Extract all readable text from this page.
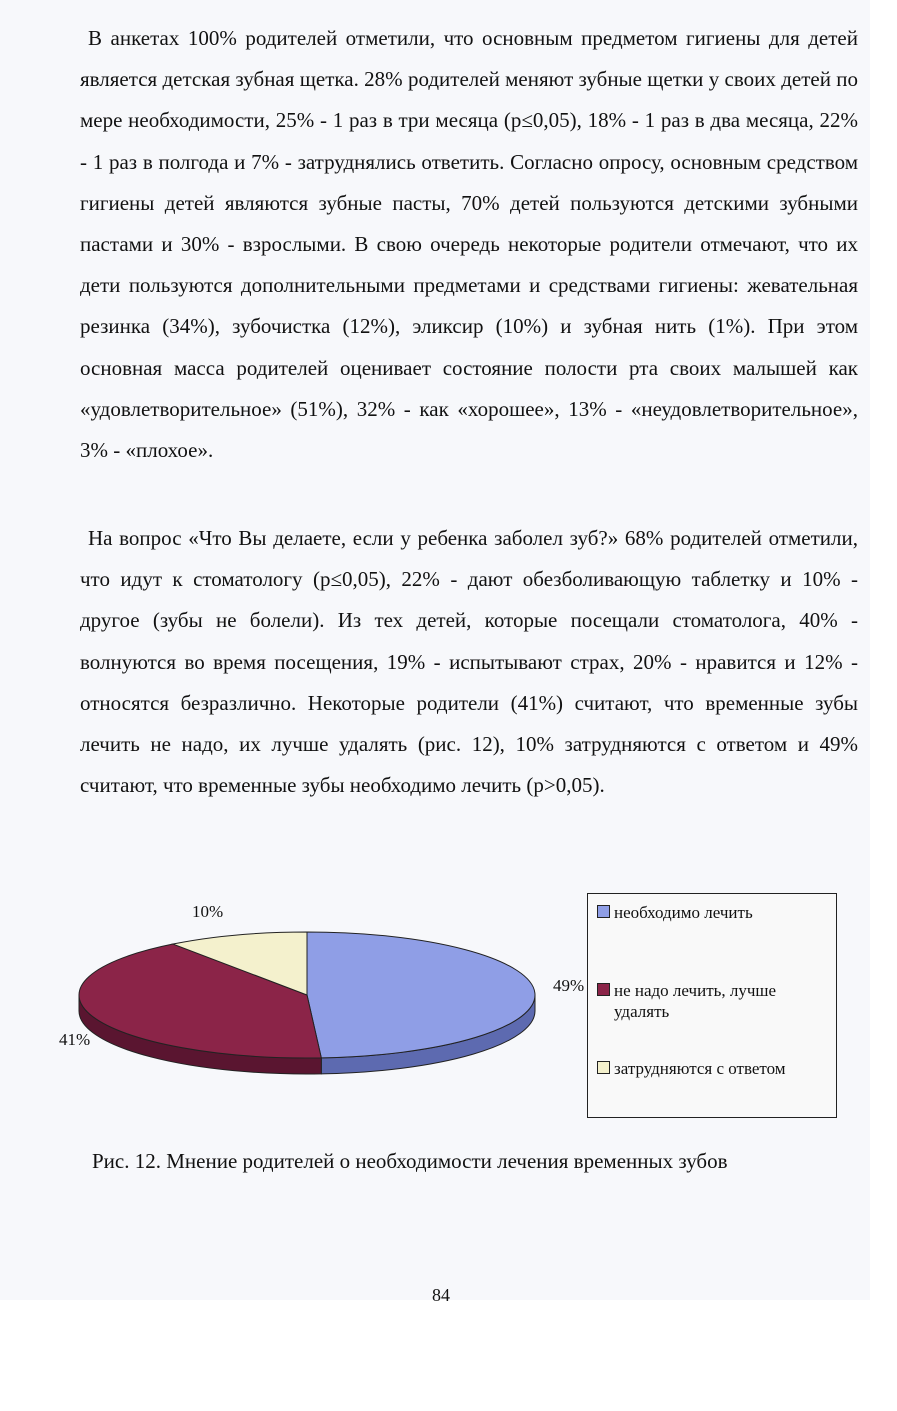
В анкетах 100% родителей отметили, что основным предметом гигиены для детей является детская зубная щетка. 28% родителей меняют зубные щетки у своих детей по мере необходимости, 25% - 1 раз в три месяца (p≤0,05), 18% - 1 раз в два месяца, 22% - 1 раз в полгода и 7% - затруднялись ответить. Согласно опросу, основным средством гигиены детей являются зубные пасты, 70% детей пользуются детскими зубными пастами и 30% - взрослыми. В свою очередь некоторые родители отмечают, что их дети пользуются дополнительными предметами и средствами гигиены: жевательная резинка (34%), зубочистка (12%), эликсир (10%) и зубная нить (1%). При этом основная масса родителей оценивает состояние полости рта своих малышей как «удовлетворительное» (51%), 32% - как «хорошее», 13% - «неудовлетворительное», 3% - «плохое».

На вопрос «Что Вы делаете, если у ребенка заболел зуб?» 68% родителей отметили, что идут к стоматологу (p≤0,05), 22% - дают обезболивающую таблетку и 10% - другое (зубы не болели). Из тех детей, которые посещали стоматолога, 40% - волнуются во время посещения, 19% - испытывают страх, 20% - нравится и 12% - относятся безразлично. Некоторые родители (41%) считают, что временные зубы лечить не надо, их лучше удалять (рис. 12), 10% затрудняются с ответом и 49% считают, что временные зубы необходимо лечить (p>0,05).

49%
41%
10%	необходимо лечить
не надо лечить, лучше удалять
затрудняются с ответом

Рис. 12. Мнение родителей о необходимости лечения временных зубов

84
